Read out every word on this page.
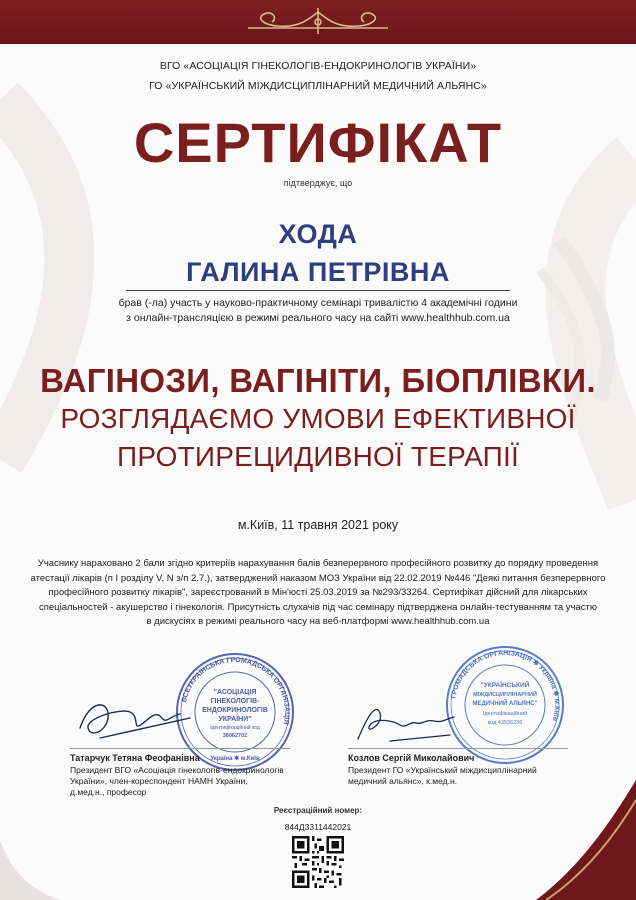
ВГО «АСОЦІАЦІЯ ГІНЕКОЛОГІВ-ЕНДОКРИНОЛОГІВ УКРАЇНИ»
ГО «УКРАЇНСЬКИЙ МІЖДИСЦИПЛІНАРНИЙ МЕДИЧНИЙ АЛЬЯНС»
СЕРТИФІКАТ
підтверджує, що
ХОДА
ГАЛИНА ПЕТРІВНА
брав (-ла) участь у науково-практичному семінарі тривалістю 4 академічні години
з онлайн-трансляцією в режимі реального часу на сайті www.healthhub.com.ua
ВАГІНОЗИ, ВАГІНІТИ, БІОПЛІВКИ.
РОЗГЛЯДАЄМО УМОВИ ЕФЕКТИВНОЇ
ПРОТИРЕЦИДИВНОЇ ТЕРАПІЇ
м.Київ, 11 травня 2021 року
Учаснику нараховано 2 бали згідно критеріїв нарахування балів безперервного професійного розвитку до порядку проведення
атестації лікарів (п I розділу V, N з/п 2.7.), затверджений наказом МОЗ України від 22.02.2019 №446 "Деякі питання безперервного
професійного розвитку лікарів", зареєстрований в Мін'юсті 25.03.2019 за №293/33264. Сертифікат дійсний для лікарських
спеціальностей - акушерство і гінекологія. Присутність слухачів під час семінару підтверджена онлайн-тестуванням та участю
в дискусіях в режимі реального часу на веб-платформі www.healthhub.com.ua
ВСЕУКРАЇНСЬКА ГРОМАДСЬКА ОРГАНІЗАЦІЯ
"АСОЦІАЦІЯ
ГІНЕКОЛОГІВ-
ЕНДОКРИНОЛОГІВ
УКРАЇНИ"
Ідентифікаційний код
38062702
Україна ✱ м.Київ
ГРОМАДСЬКА ОРГАНІЗАЦІЯ ✱ Україна ✱ м.Київ
"УКРАЇНСЬКИЙ
МІЖДИСЦИПЛІНАРНИЙ
МЕДИЧНИЙ АЛЬЯНС"
Ідентифікаційний
код 43536236
Татарчук Тетяна Феофанівна
Президент ВГО «Асоціація гінекологів-ендокринологів
України», член-кореспондент НАМН України,
д.мед.н., професор
Козлов Сергій Миколайович
Президент ГО «Український міждисциплінарний
медичний альянс», к.мед.н.
Реєстраційний номер:
844Д3311442021
